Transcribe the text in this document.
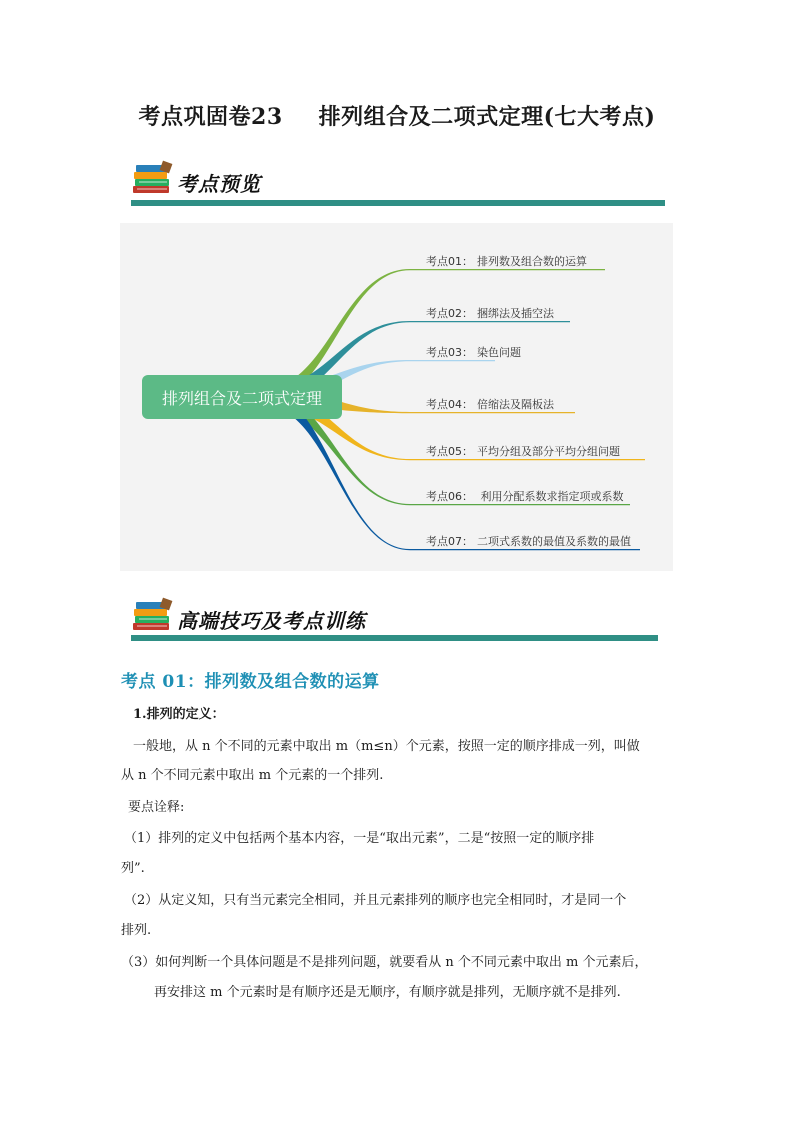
考点巩固卷23 排列组合及二项式定理(七大考点)
考点预览
排列组合及二项式定理
考点01： 排列数及组合数的运算
考点02： 捆绑法及插空法
考点03： 染色问题
考点04： 倍缩法及隔板法
考点05： 平均分组及部分平均分组问题
考点06： 利用分配系数求指定项或系数
考点07： 二项式系数的最值及系数的最值
高端技巧及考点训练
考点 01：排列数及组合数的运算
1.排列的定义：
一般地，从 n 个不同的元素中取出 m（m≤n）个元素，按照一定的顺序排成一列，叫做
从 n 个不同元素中取出 m 个元素的一个排列.
要点诠释:
（1）排列的定义中包括两个基本内容，一是“取出元素”，二是“按照一定的顺序排
列”.
（2）从定义知，只有当元素完全相同，并且元素排列的顺序也完全相同时，才是同一个
排列.
（3）如何判断一个具体问题是不是排列问题，就要看从 n 个不同元素中取出 m 个元素后，
再安排这 m 个元素时是有顺序还是无顺序，有顺序就是排列，无顺序就不是排列.
